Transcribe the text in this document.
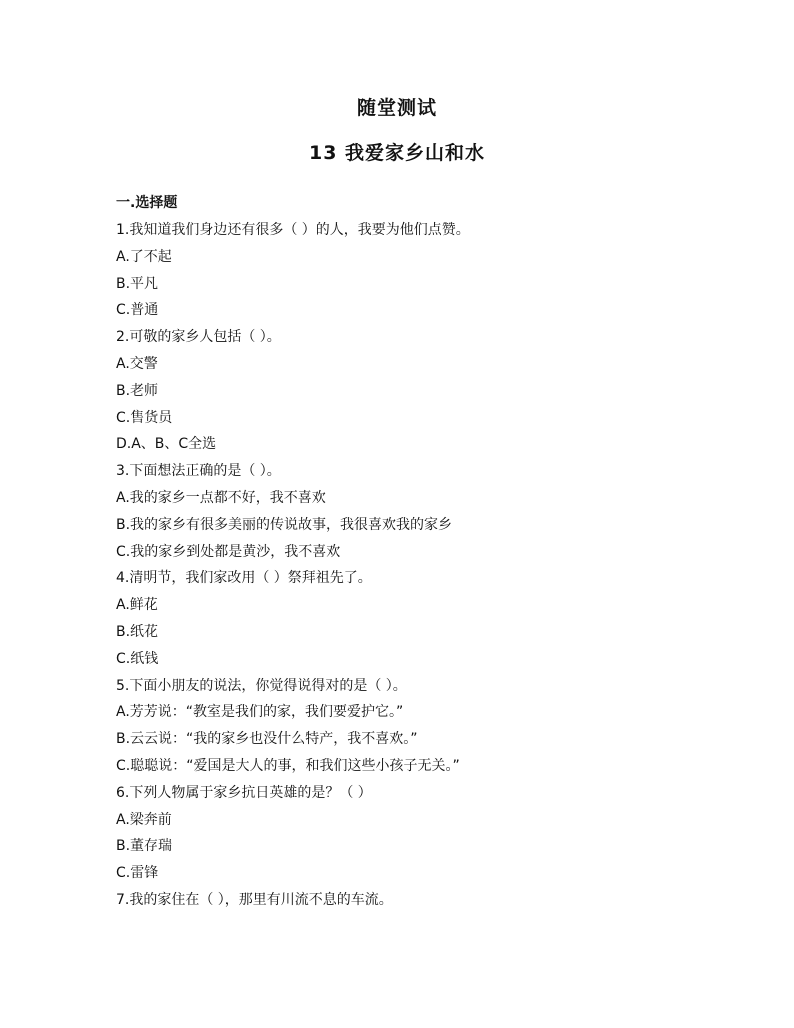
随堂测试
13 我爱家乡山和水
一.选择题
1.我知道我们身边还有很多（ ）的人，我要为他们点赞。
A.了不起
B.平凡
C.普通
2.可敬的家乡人包括（ ）。
A.交警
B.老师
C.售货员
D.A、B、C全选
3.下面想法正确的是（ ）。
A.我的家乡一点都不好，我不喜欢
B.我的家乡有很多美丽的传说故事，我很喜欢我的家乡
C.我的家乡到处都是黄沙，我不喜欢
4.清明节，我们家改用（ ）祭拜祖先了。
A.鲜花
B.纸花
C.纸钱
5.下面小朋友的说法，你觉得说得对的是（ ）。
A.芳芳说：“教室是我们的家，我们要爱护它。”
B.云云说：“我的家乡也没什么特产，我不喜欢。”
C.聪聪说：“爱国是大人的事，和我们这些小孩子无关。”
6.下列人物属于家乡抗日英雄的是？（ ）
A.梁奔前
B.董存瑞
C.雷锋
7.我的家住在（ ），那里有川流不息的车流。
